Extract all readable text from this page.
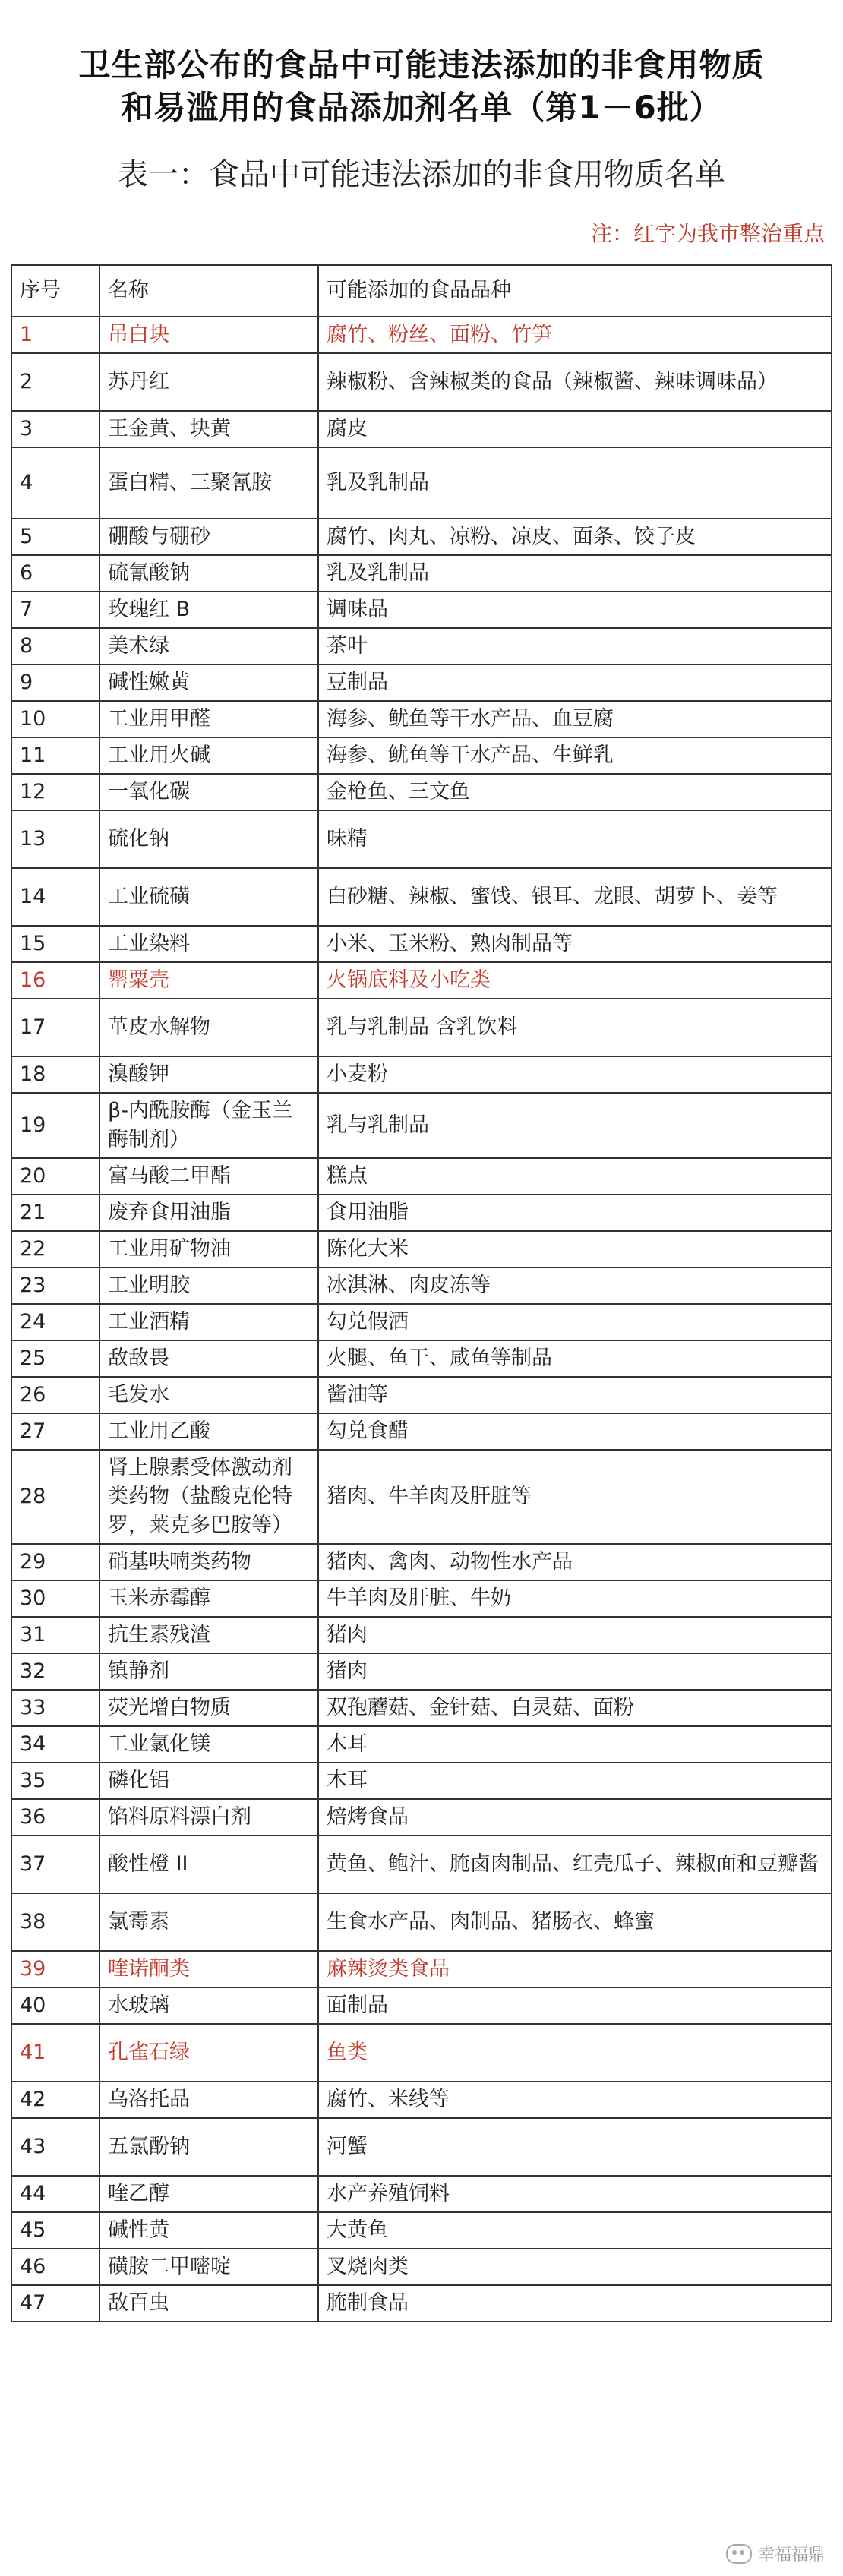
卫生部公布的食品中可能违法添加的非食用物质
和易滥用的食品添加剂名单（第1－6批）
表一：食品中可能违法添加的非食用物质名单
注：红字为我市整治重点
序号	名称	可能添加的食品品种
1	吊白块	腐竹、粉丝、面粉、竹笋
2	苏丹红	辣椒粉、含辣椒类的食品（辣椒酱、辣味调味品）
3	王金黄、块黄	腐皮
4	蛋白精、三聚氰胺	乳及乳制品
5	硼酸与硼砂	腐竹、肉丸、凉粉、凉皮、面条、饺子皮
6	硫氰酸钠	乳及乳制品
7	玫瑰红 B	调味品
8	美术绿	茶叶
9	碱性嫩黄	豆制品
10	工业用甲醛	海参、鱿鱼等干水产品、血豆腐
11	工业用火碱	海参、鱿鱼等干水产品、生鲜乳
12	一氧化碳	金枪鱼、三文鱼
13	硫化钠	味精
14	工业硫磺	白砂糖、辣椒、蜜饯、银耳、龙眼、胡萝卜、姜等
15	工业染料	小米、玉米粉、熟肉制品等
16	罂粟壳	火锅底料及小吃类
17	革皮水解物	乳与乳制品 含乳饮料
18	溴酸钾	小麦粉
19	β-内酰胺酶（金玉兰酶制剂）	乳与乳制品
20	富马酸二甲酯	糕点
21	废弃食用油脂	食用油脂
22	工业用矿物油	陈化大米
23	工业明胶	冰淇淋、肉皮冻等
24	工业酒精	勾兑假酒
25	敌敌畏	火腿、鱼干、咸鱼等制品
26	毛发水	酱油等
27	工业用乙酸	勾兑食醋
28	肾上腺素受体激动剂类药物（盐酸克伦特罗，莱克多巴胺等）	猪肉、牛羊肉及肝脏等
29	硝基呋喃类药物	猪肉、禽肉、动物性水产品
30	玉米赤霉醇	牛羊肉及肝脏、牛奶
31	抗生素残渣	猪肉
32	镇静剂	猪肉
33	荧光增白物质	双孢蘑菇、金针菇、白灵菇、面粉
34	工业氯化镁	木耳
35	磷化铝	木耳
36	馅料原料漂白剂	焙烤食品
37	酸性橙 II	黄鱼、鲍汁、腌卤肉制品、红壳瓜子、辣椒面和豆瓣酱
38	氯霉素	生食水产品、肉制品、猪肠衣、蜂蜜
39	喹诺酮类	麻辣烫类食品
40	水玻璃	面制品
41	孔雀石绿	鱼类
42	乌洛托品	腐竹、米线等
43	五氯酚钠	河蟹
44	喹乙醇	水产养殖饲料
45	碱性黄	大黄鱼
46	磺胺二甲嘧啶	叉烧肉类
47	敌百虫	腌制食品
幸福福鼎
